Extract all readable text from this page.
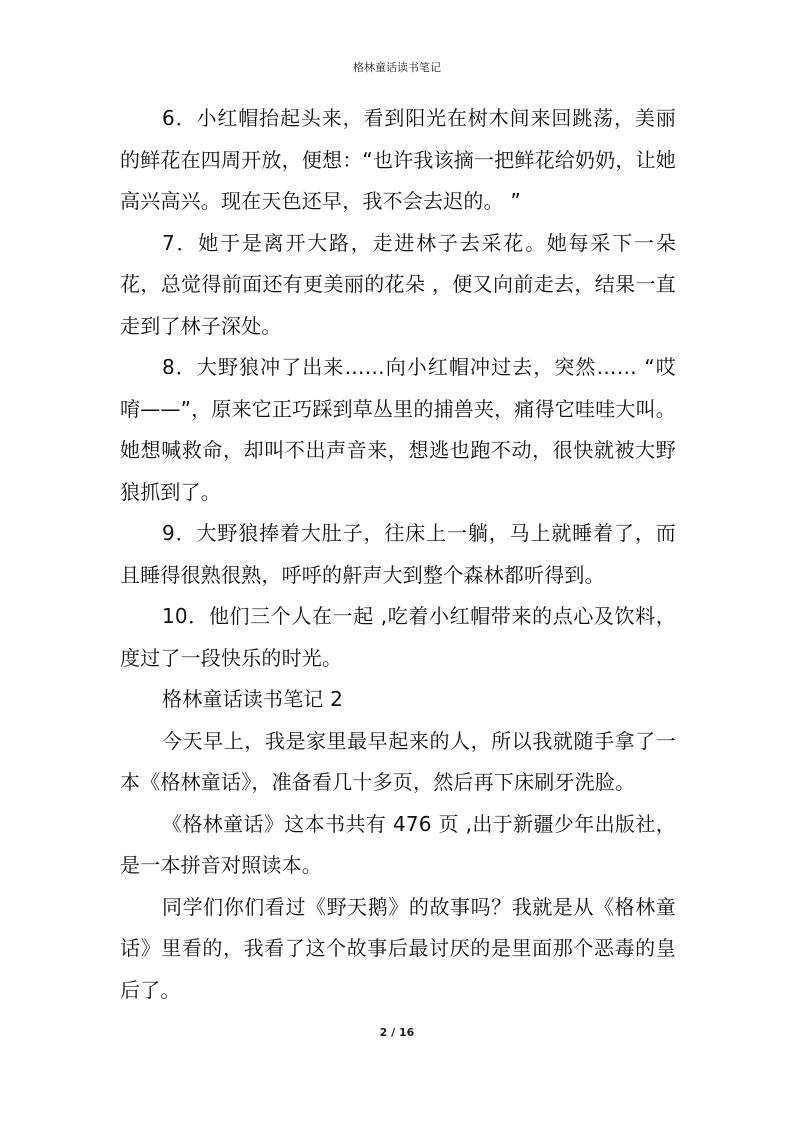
格林童话读书笔记

6．小红帽抬起头来，看到阳光在树木间来回跳荡，美丽的鲜花在四周开放，便想：“也许我该摘一把鲜花给奶奶，让她高兴高兴。现在天色还早，我不会去迟的。 ”

7．她于是离开大路，走进林子去采花。她每采下一朵花，总觉得前面还有更美丽的花朵 ，便又向前走去，结果一直走到了林子深处。

8．大野狼冲了出来……向小红帽冲过去，突然…… “哎唷——”，原来它正巧踩到草丛里的捕兽夹，痛得它哇哇大叫。她想喊救命，却叫不出声音来，想逃也跑不动，很快就被大野狼抓到了。

9．大野狼捧着大肚子，往床上一躺，马上就睡着了，而且睡得很熟很熟，呼呼的鼾声大到整个森林都听得到。

10．他们三个人在一起 ,吃着小红帽带来的点心及饮料，度过了一段快乐的时光。

格林童话读书笔记 2

今天早上，我是家里最早起来的人，所以我就随手拿了一本《格林童话》，准备看几十多页，然后再下床刷牙洗脸。

《格林童话》这本书共有 476 页 ,出于新疆少年出版社，是一本拼音对照读本。

同学们你们看过《野天鹅》的故事吗？我就是从《格林童话》里看的，我看了这个故事后最讨厌的是里面那个恶毒的皇后了。

2 / 16
